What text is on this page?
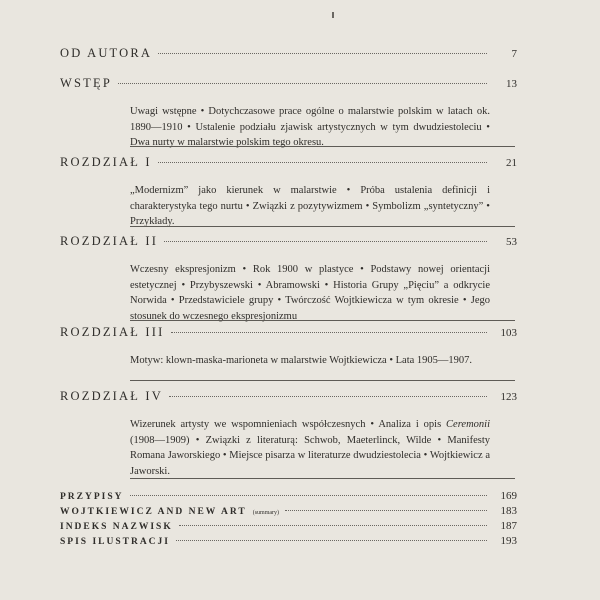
OD AUTORA	7
WSTĘP	13
Uwagi wstępne • Dotychczasowe prace ogólne o malarstwie polskim w latach ok. 1890—1910 • Ustalenie podziału zjawisk artystycznych w tym dwudziestoleciu • Dwa nurty w malarstwie polskim tego okresu.
ROZDZIAŁ I	21
„Modernizm” jako kierunek w malarstwie • Próba ustalenia definicji i charakterystyka tego nurtu • Związki z pozytywizmem • Symbolizm „syntetyczny” • Przykłady.
ROZDZIAŁ II	53
Wczesny ekspresjonizm • Rok 1900 w plastyce • Podstawy nowej orientacji estetycznej • Przybyszewski • Abramowski • Historia Grupy „Pięciu” a odkrycie Norwida • Przedstawiciele grupy • Twórczość Wojtkiewicza w tym okresie • Jego stosunek do wczesnego ekspresjonizmu
ROZDZIAŁ III	103
Motyw: klown-maska-marioneta w malarstwie Wojtkiewicza • Lata 1905—1907.
ROZDZIAŁ IV	123
Wizerunek artysty we wspomnieniach współczesnych • Analiza i opis Ceremonii (1908—1909) • Związki z literaturą: Schwob, Maeterlinck, Wilde • Manifesty Romana Jaworskiego • Miejsce pisarza w literaturze dwudziestolecia • Wojtkiewicz a Jaworski.
PRZYPISY	169
WOJTKIEWICZ AND NEW ART (summary)	183
INDEKS NAZWISK	187
SPIS ILUSTRACJI	193
